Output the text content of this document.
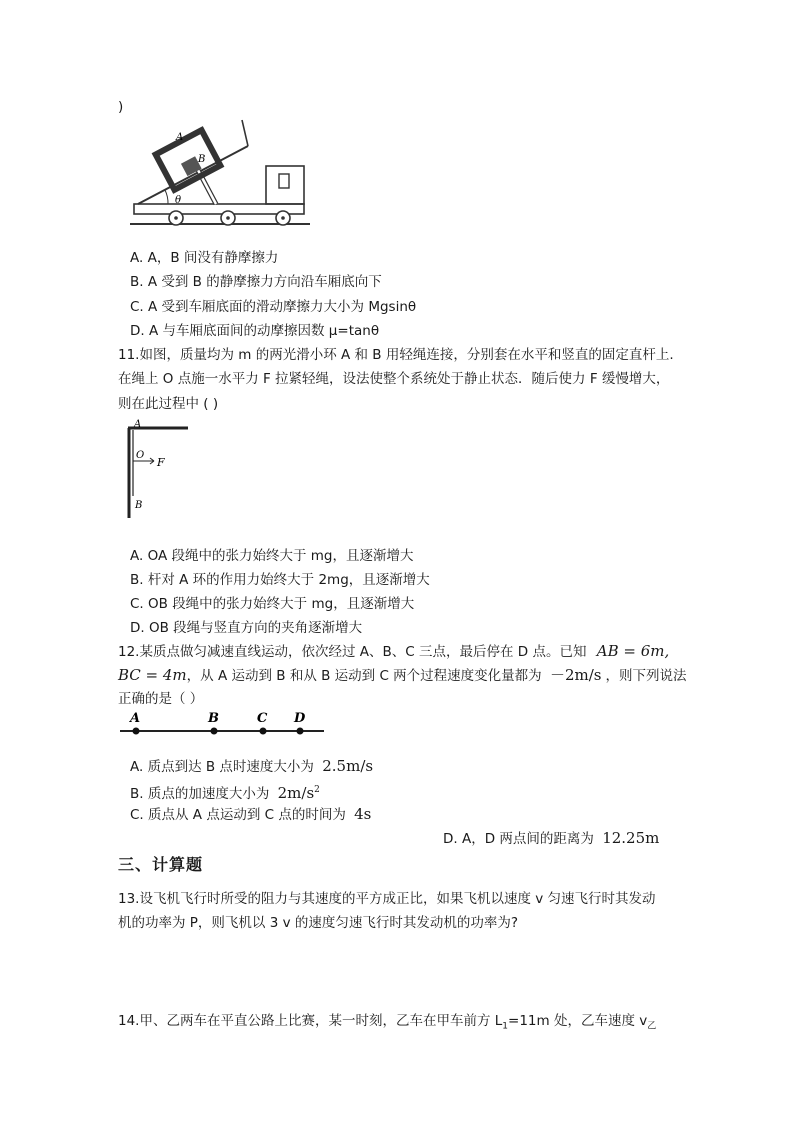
)
A
B
θ
A. A，B 间没有静摩擦力
B. A 受到 B 的静摩擦力方向沿车厢底向下
C. A 受到车厢底面的滑动摩擦力大小为 Mgsinθ
D. A 与车厢底面间的动摩擦因数 μ=tanθ
11.如图，质量均为 m 的两光滑小环 A 和 B 用轻绳连接，分别套在水平和竖直的固定直杆上.
在绳上 O 点施一水平力 F 拉紧轻绳，设法使整个系统处于静止状态．随后使力 F 缓慢增大，
则在此过程中 ( )
A
O
F
B
A. OA 段绳中的张力始终大于 mg，且逐渐增大
B. 杆对 A 环的作用力始终大于 2mg，且逐渐增大
C. OB 段绳中的张力始终大于 mg，且逐渐增大
D. OB 段绳与竖直方向的夹角逐渐增大
12.某质点做匀减速直线运动，依次经过 A、B、C 三点，最后停在 D 点。已知 AB = 6m,
BC = 4m，从 A 运动到 B 和从 B 运动到 C 两个过程速度变化量都为 －2m/s ，则下列说法
正确的是（ ）
A	B	C D
A. 质点到达 B 点时速度大小为 2.5m/s
B. 质点的加速度大小为 $2m/s^2$
C. 质点从 A 点运动到 C 点的时间为 4s
D. A，D 两点间的距离为 12.25m
三、计算题
13.设飞机飞行时所受的阻力与其速度的平方成正比，如果飞机以速度 v 匀速飞行时其发动
机的功率为 P，则飞机以 3 v 的速度匀速飞行时其发动机的功率为?
14.甲、乙两车在平直公路上比赛，某一时刻，乙车在甲车前方 $L_1=11m$ 处，乙车速度 $v_乙$
